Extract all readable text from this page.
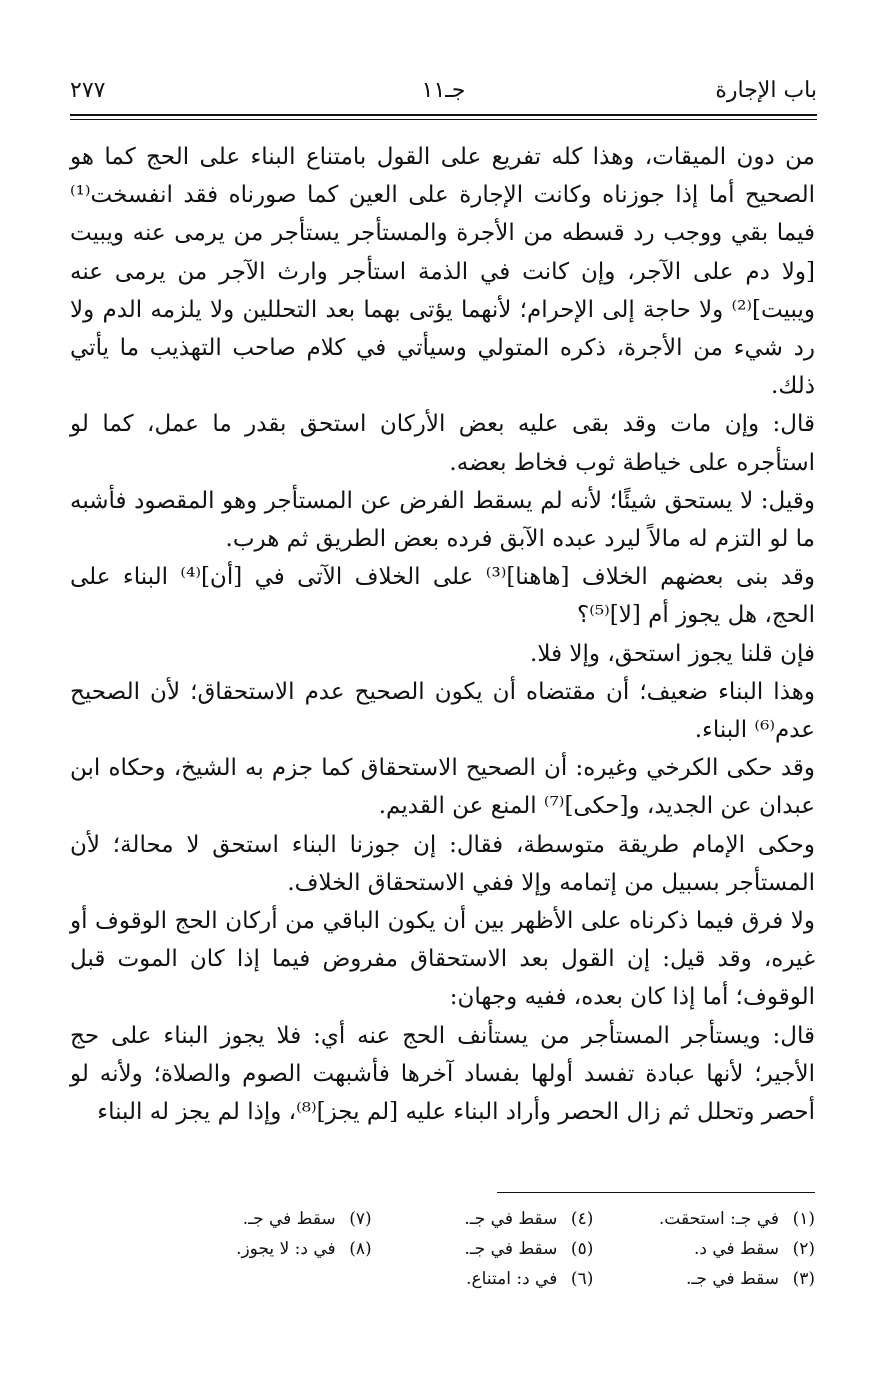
باب الإجارة
جـ١١
٢٧٧

من دون الميقات، وهذا كله تفريع على القول بامتناع البناء على الحج كما هو الصحيح أما إذا جوزناه وكانت الإجارة على العين كما صورناه فقد انفسخت⁽¹⁾ فيما بقي ووجب رد قسطه من الأجرة والمستأجر يستأجر من يرمى عنه ويبيت [ولا دم على الآجر، وإن كانت في الذمة استأجر وارث الآجر من يرمى عنه ويبيت]⁽²⁾ ولا حاجة إلى الإحرام؛ لأنهما يؤتى بهما بعد التحللين ولا يلزمه الدم ولا رد شيء من الأجرة، ذكره المتولي وسيأتي في كلام صاحب التهذيب ما يأتي ذلك.

قال: وإن مات وقد بقى عليه بعض الأركان استحق بقدر ما عمل، كما لو استأجره على خياطة ثوب فخاط بعضه.

وقيل: لا يستحق شيئًا؛ لأنه لم يسقط الفرض عن المستأجر وهو المقصود فأشبه ما لو التزم له مالاً ليرد عبده الآبق فرده بعض الطريق ثم هرب.

وقد بنى بعضهم الخلاف [هاهنا]⁽³⁾ على الخلاف الآتى في [أن]⁽⁴⁾ البناء على الحج، هل يجوز أم [لا]⁽⁵⁾؟

فإن قلنا يجوز استحق، وإلا فلا.

وهذا البناء ضعيف؛ أن مقتضاه أن يكون الصحيح عدم الاستحقاق؛ لأن الصحيح عدم⁽⁶⁾ البناء.

وقد حكى الكرخي وغيره: أن الصحيح الاستحقاق كما جزم به الشيخ، وحكاه ابن عبدان عن الجديد، و[حكى]⁽⁷⁾ المنع عن القديم.

وحكى الإمام طريقة متوسطة، فقال: إن جوزنا البناء استحق لا محالة؛ لأن المستأجر بسبيل من إتمامه وإلا ففي الاستحقاق الخلاف.

ولا فرق فيما ذكرناه على الأظهر بين أن يكون الباقي من أركان الحج الوقوف أو غيره، وقد قيل: إن القول بعد الاستحقاق مفروض فيما إذا كان الموت قبل الوقوف؛ أما إذا كان بعده، ففيه وجهان:

قال: ويستأجر المستأجر من يستأنف الحج عنه أي: فلا يجوز البناء على حج الأجير؛ لأنها عبادة تفسد أولها بفساد آخرها فأشبهت الصوم والصلاة؛ ولأنه لو أحصر وتحلل ثم زال الحصر وأراد البناء عليه [لم يجز]⁽⁸⁾، وإذا لم يجز له البناء

(١)في جـ: استحقت.
(٢)سقط في د.
(٣)سقط في جـ.
(٤)سقط في جـ.
(٥)سقط في جـ.
(٦)في د: امتناع.
(٧)سقط في جـ.
(٨)في د: لا يجوز.
